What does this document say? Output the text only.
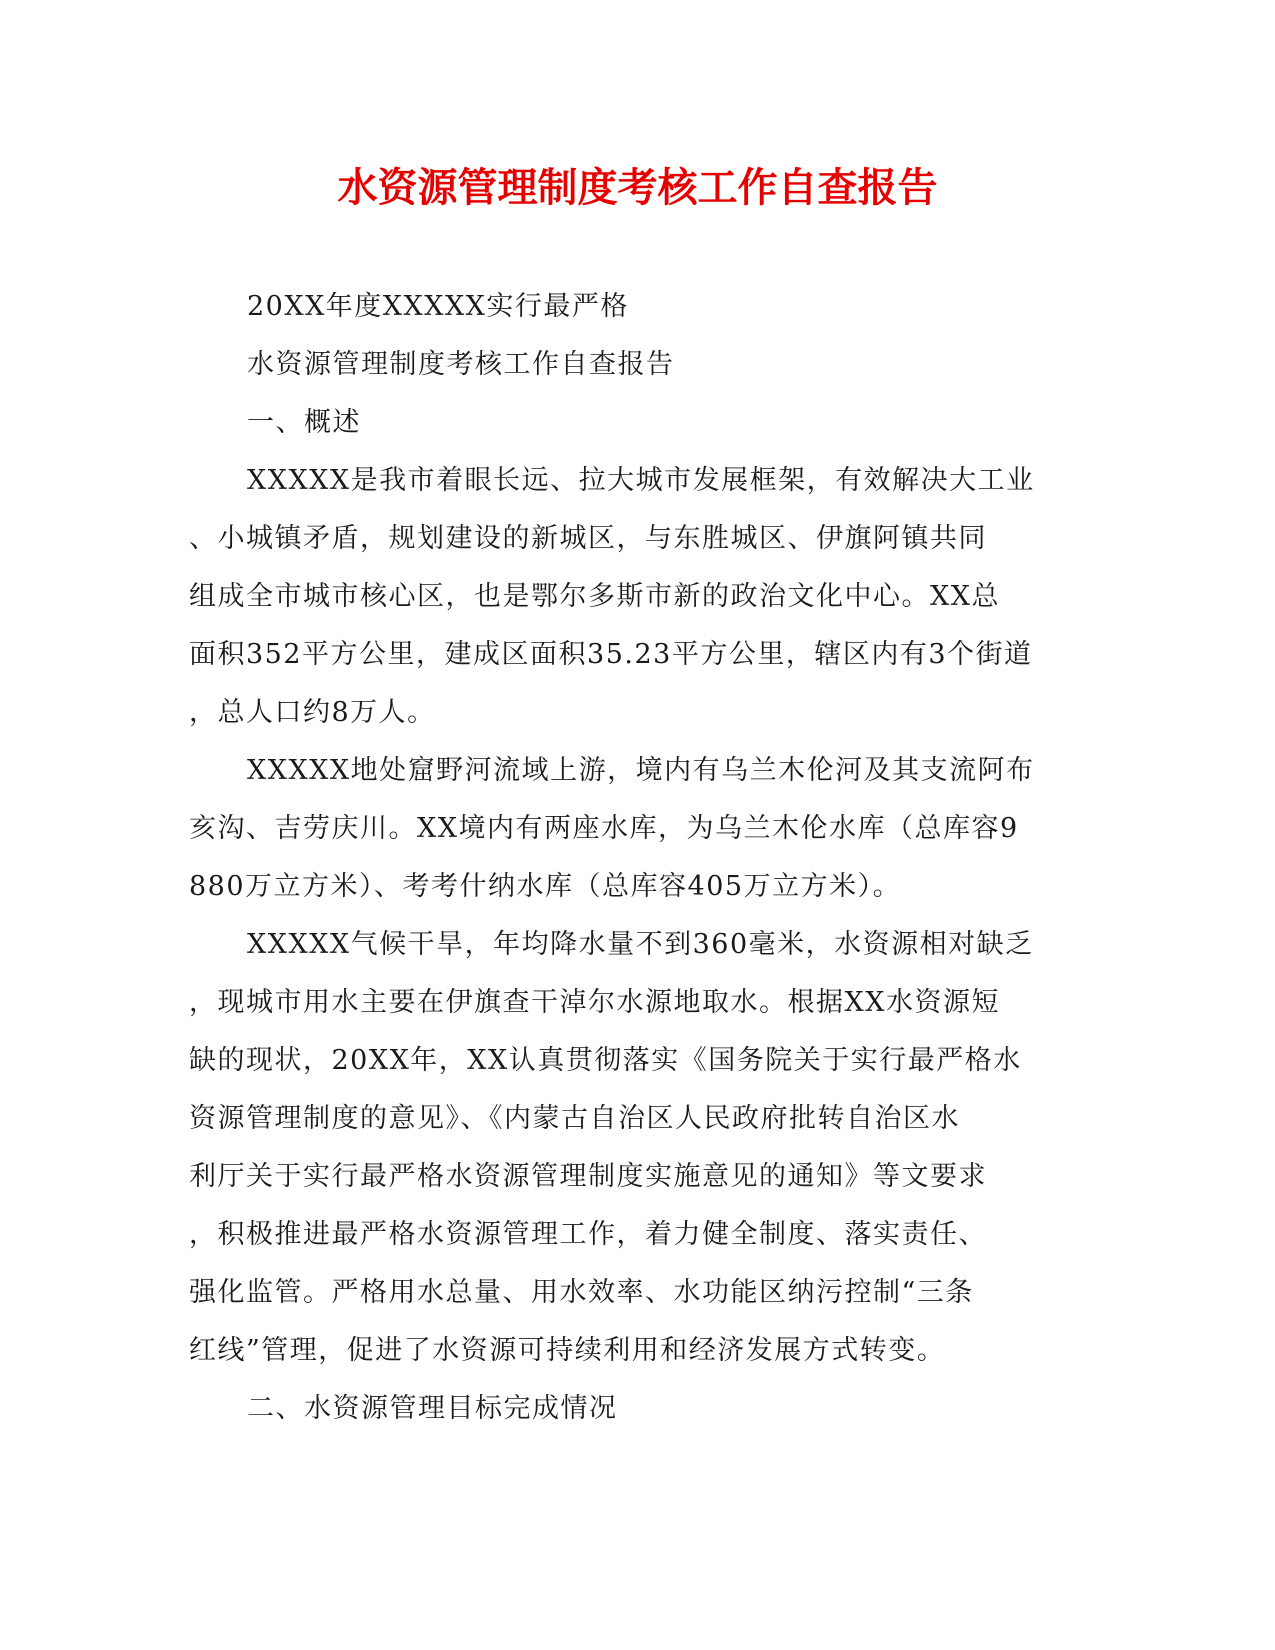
水资源管理制度考核工作自查报告
20XX年度XXXXX实行最严格
水资源管理制度考核工作自查报告
一、概述
XXXXX是我市着眼长远、拉大城市发展框架，有效解决大工业
、小城镇矛盾，规划建设的新城区，与东胜城区、伊旗阿镇共同
组成全市城市核心区，也是鄂尔多斯市新的政治文化中心。XX总
面积352平方公里，建成区面积35.23平方公里，辖区内有3个街道
，总人口约8万人。
XXXXX地处窟野河流域上游，境内有乌兰木伦河及其支流阿布
亥沟、吉劳庆川。XX境内有两座水库，为乌兰木伦水库（总库容9
880万立方米）、考考什纳水库（总库容405万立方米）。
XXXXX气候干旱，年均降水量不到360毫米，水资源相对缺乏
，现城市用水主要在伊旗查干淖尔水源地取水。根据XX水资源短
缺的现状，20XX年，XX认真贯彻落实《国务院关于实行最严格水
资源管理制度的意见》、《内蒙古自治区人民政府批转自治区水
利厅关于实行最严格水资源管理制度实施意见的通知》等文要求
，积极推进最严格水资源管理工作，着力健全制度、落实责任、
强化监管。严格用水总量、用水效率、水功能区纳污控制“三条
红线”管理，促进了水资源可持续利用和经济发展方式转变。
二、水资源管理目标完成情况
